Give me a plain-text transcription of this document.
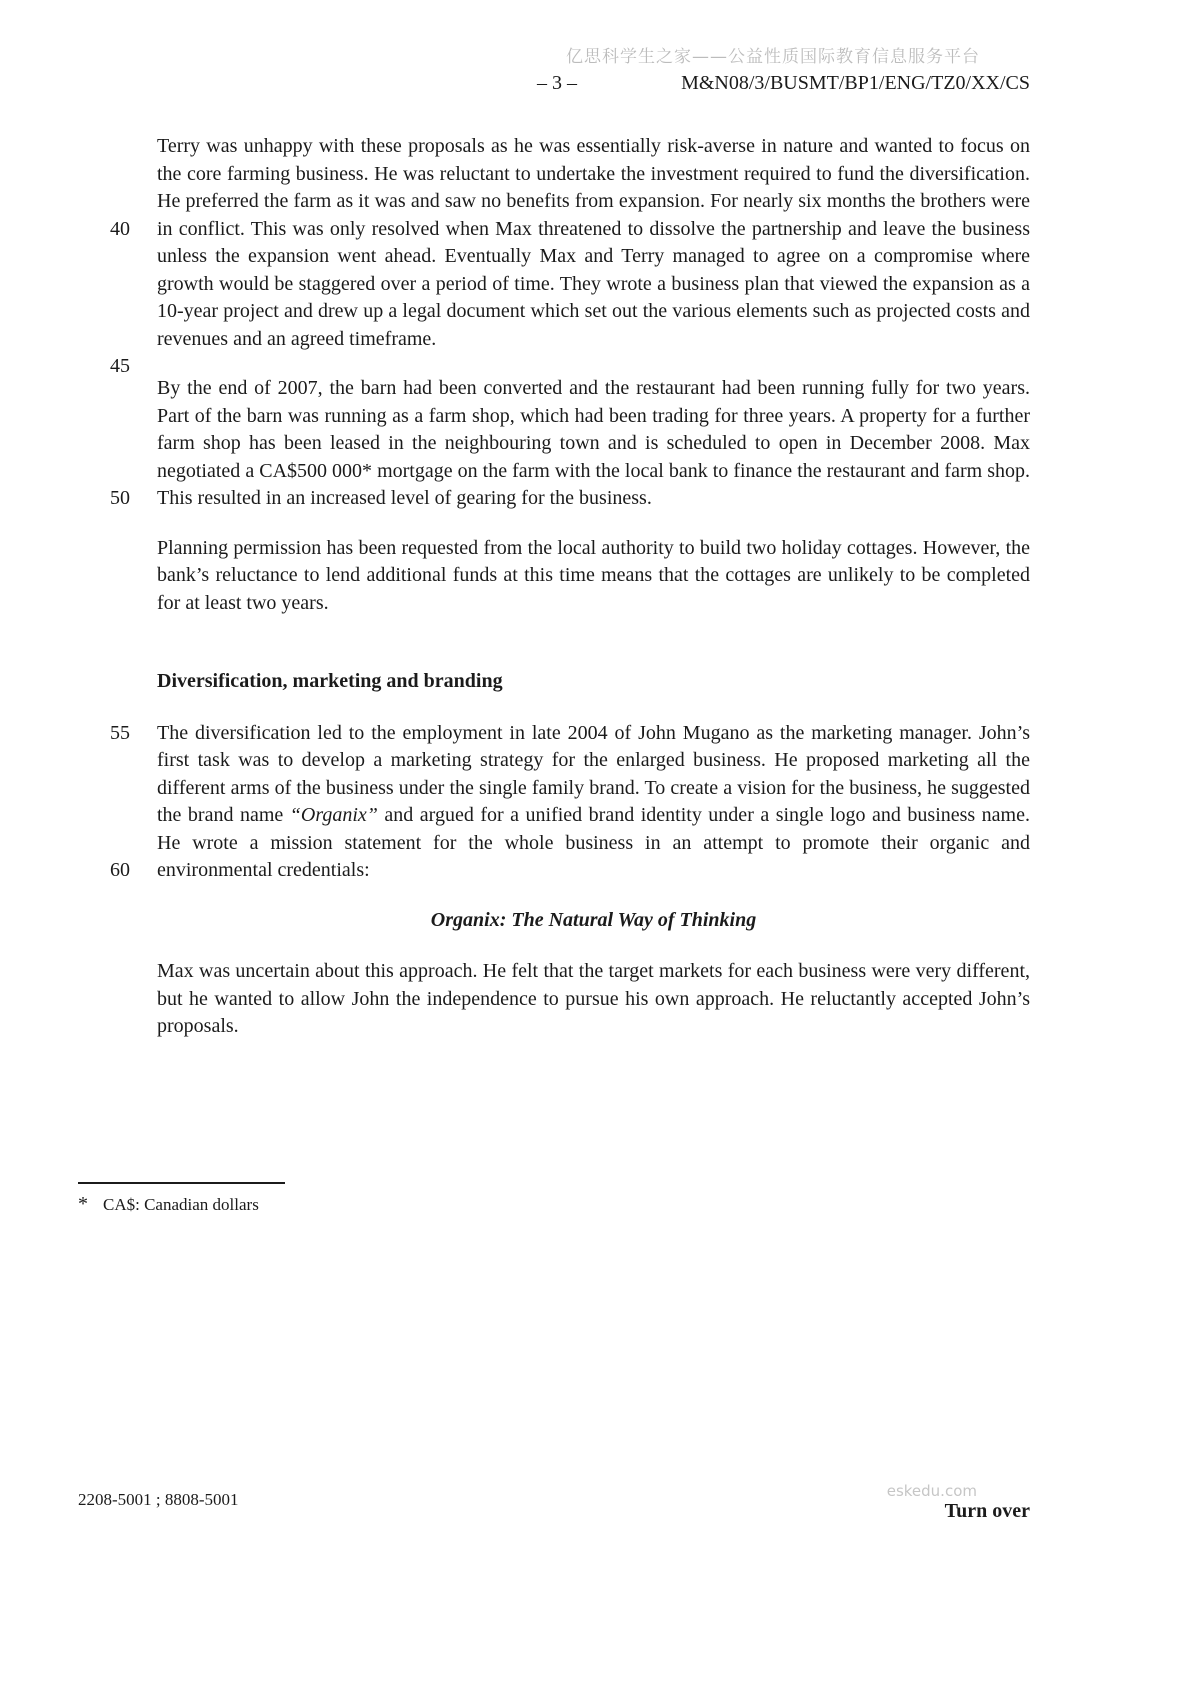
亿思科学生之家——公益性质国际教育信息服务平台
– 3 –	M&N08/3/BUSMT/BP1/ENG/TZ0/XX/CS
40
45

Terry was unhappy with these proposals as he was essentially risk-averse in nature and wanted to focus on the core farming business. He was reluctant to undertake the investment required to fund the diversification. He preferred the farm as it was and saw no benefits from expansion. For nearly six months the brothers were in conflict. This was only resolved when Max threatened to dissolve the partnership and leave the business unless the expansion went ahead. Eventually Max and Terry managed to agree on a compromise where growth would be staggered over a period of time. They wrote a business plan that viewed the expansion as a 10-year project and drew up a legal document which set out the various elements such as projected costs and revenues and an agreed timeframe.

50

By the end of 2007, the barn had been converted and the restaurant had been running fully for two years. Part of the barn was running as a farm shop, which had been trading for three years. A property for a further farm shop has been leased in the neighbouring town and is scheduled to open in December 2008. Max negotiated a CA$500 000* mortgage on the farm with the local bank to finance the restaurant and farm shop. This resulted in an increased level of gearing for the business.

Planning permission has been requested from the local authority to build two holiday cottages. However, the bank’s reluctance to lend additional funds at this time means that the cottages are unlikely to be completed for at least two years.

Diversification, marketing and branding

55
60

The diversification led to the employment in late 2004 of John Mugano as the marketing manager. John’s first task was to develop a marketing strategy for the enlarged business. He proposed marketing all the different arms of the business under the single family brand. To create a vision for the business, he suggested the brand name “Organix” and argued for a unified brand identity under a single logo and business name. He wrote a mission statement for the whole business in an attempt to promote their organic and environmental credentials:

Organix: The Natural Way of Thinking

Max was uncertain about this approach. He felt that the target markets for each business were very different, but he wanted to allow John the independence to pursue his own approach. He reluctantly accepted John’s proposals.

* CA$: Canadian dollars
2208-5001 ; 8808-5001	eskedu.com
Turn over
